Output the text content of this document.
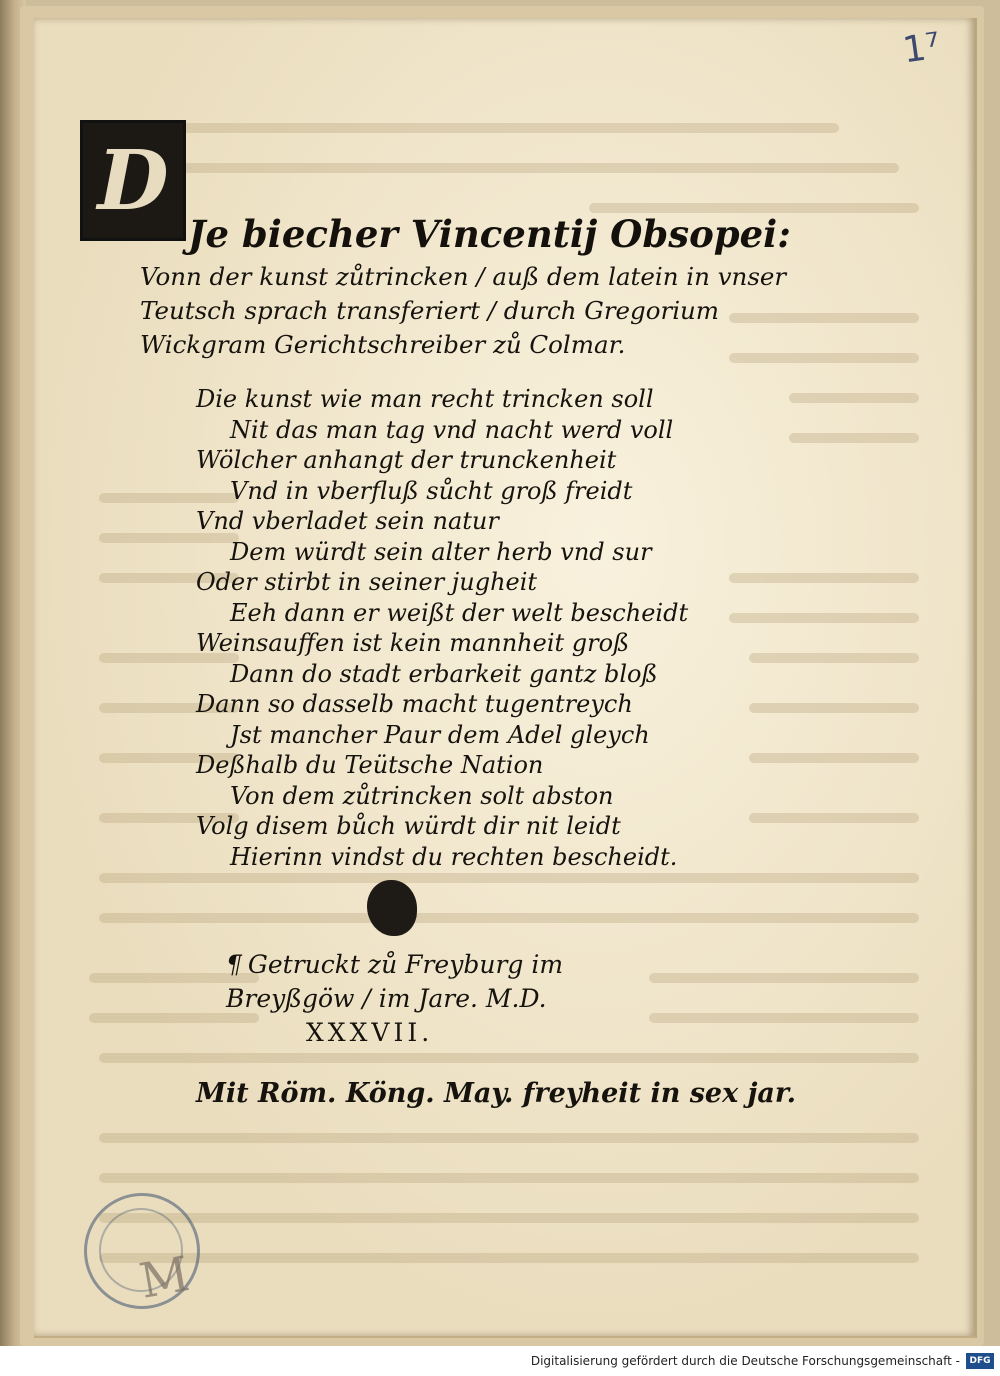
1⁷
M
D
Je biecher Vincentij Obsopei:
Vonn der kunst zůtrincken / auß dem latein in vnser
Teutsch sprach transferiert / durch Gregorium
Wickgram Gerichtschreiber zů Colmar.
Die kunst wie man recht trincken soll
Nit das man tag vnd nacht werd voll
Wölcher anhangt der trunckenheit
Vnd in vberfluß sůcht groß freidt
Vnd vberladet sein natur
Dem würdt sein alter herb vnd sur
Oder stirbt in seiner jugheit
Eeh dann er weißt der welt bescheidt
Weinsauffen ist kein mannheit groß
Dann do stadt erbarkeit gantz bloß
Dann so dasselb macht tugentreych
Jst mancher Paur dem Adel gleych
Deßhalb du Teütsche Nation
Von dem zůtrincken solt abston
Volg disem bůch würdt dir nit leidt
Hierinn vindst du rechten bescheidt.
¶ Getruckt zů Freyburg im
Breyßgöw / im Jare. M.D.
XXXVII.

Mit Röm. Köng. May. freyheit in sex jar.

Digitalisierung gefördert durch die Deutsche Forschungsgemeinschaft -	DFG
